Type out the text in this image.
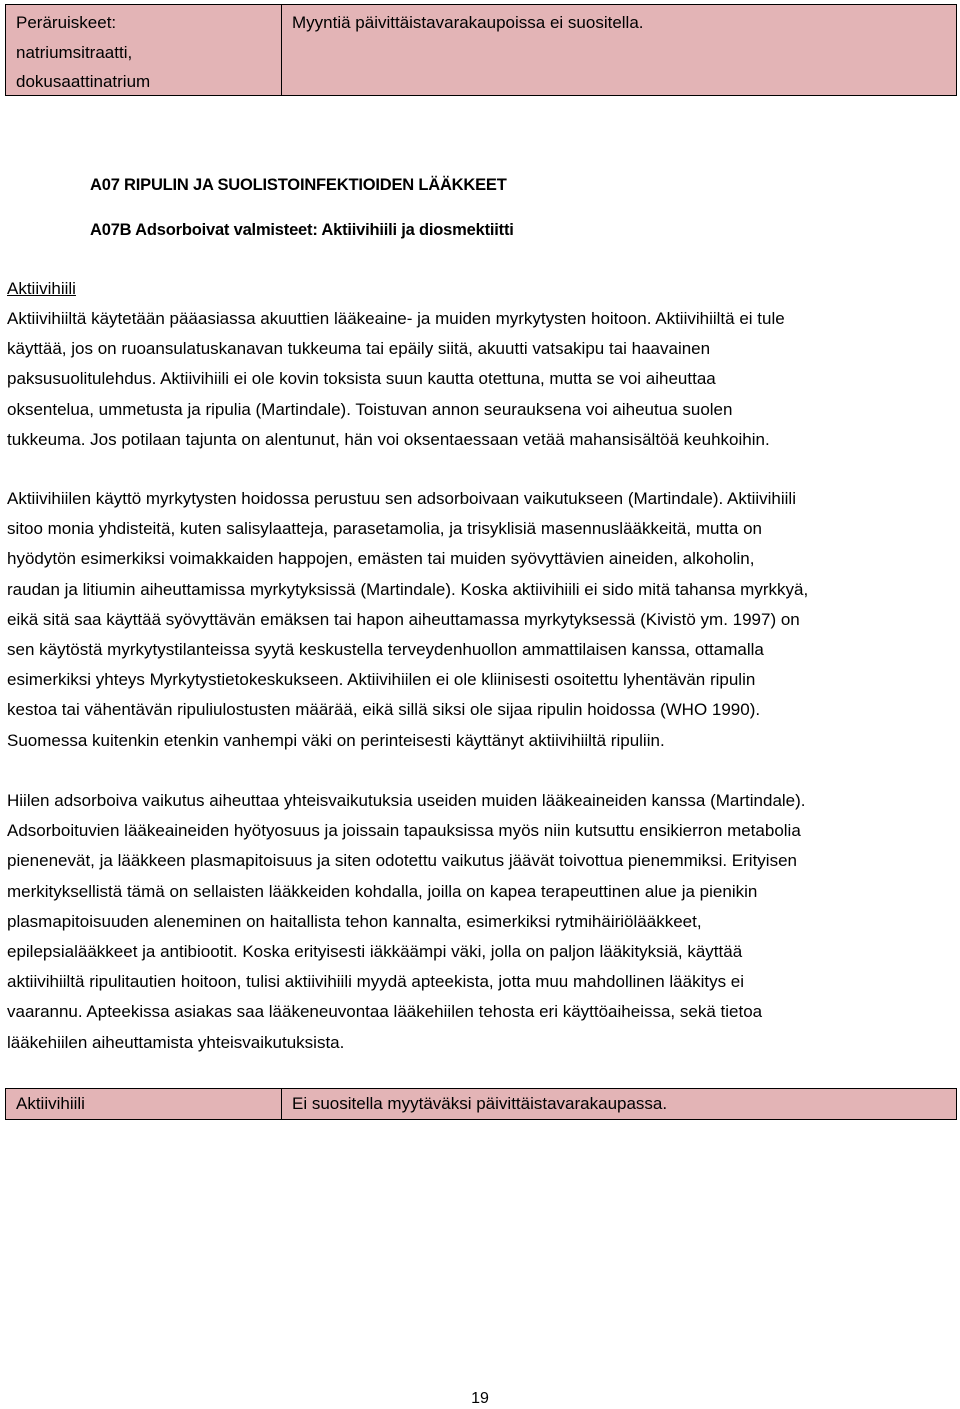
Peräruiskeet:
natriumsitraatti,
dokusaattinatrium
Myyntiä päivittäistavarakaupoissa ei suositella.
A07 RIPULIN JA SUOLISTOINFEKTIOIDEN LÄÄKKEET
A07B Adsorboivat valmisteet: Aktiivihiili ja diosmektiitti
Aktiivihiili
Aktiivihiiltä käytetään pääasiassa akuuttien lääkeaine- ja muiden myrkytysten hoitoon. Aktiivihiiltä ei tule
käyttää, jos on ruoansulatuskanavan tukkeuma tai epäily siitä, akuutti vatsakipu tai haavainen
paksusuolitulehdus. Aktiivihiili ei ole kovin toksista suun kautta otettuna, mutta se voi aiheuttaa
oksentelua, ummetusta ja ripulia (Martindale). Toistuvan annon seurauksena voi aiheutua suolen
tukkeuma. Jos potilaan tajunta on alentunut, hän voi oksentaessaan vetää mahansisältöä keuhkoihin.
Aktiivihiilen käyttö myrkytysten hoidossa perustuu sen adsorboivaan vaikutukseen (Martindale). Aktiivihiili
sitoo monia yhdisteitä, kuten salisylaatteja, parasetamolia, ja trisyklisiä masennuslääkkeitä, mutta on
hyödytön esimerkiksi voimakkaiden happojen, emästen tai muiden syövyttävien aineiden, alkoholin,
raudan ja litiumin aiheuttamissa myrkytyksissä (Martindale). Koska aktiivihiili ei sido mitä tahansa myrkkyä,
eikä sitä saa käyttää syövyttävän emäksen tai hapon aiheuttamassa myrkytyksessä (Kivistö ym. 1997) on
sen käytöstä myrkytystilanteissa syytä keskustella terveydenhuollon ammattilaisen kanssa, ottamalla
esimerkiksi yhteys Myrkytystietokeskukseen. Aktiivihiilen ei ole kliinisesti osoitettu lyhentävän ripulin
kestoa tai vähentävän ripuliulostusten määrää, eikä sillä siksi ole sijaa ripulin hoidossa (WHO 1990).
Suomessa kuitenkin etenkin vanhempi väki on perinteisesti käyttänyt aktiivihiiltä ripuliin.
Hiilen adsorboiva vaikutus aiheuttaa yhteisvaikutuksia useiden muiden lääkeaineiden kanssa (Martindale).
Adsorboituvien lääkeaineiden hyötyosuus ja joissain tapauksissa myös niin kutsuttu ensikierron metabolia
pienenevät, ja lääkkeen plasmapitoisuus ja siten odotettu vaikutus jäävät toivottua pienemmiksi. Erityisen
merkityksellistä tämä on sellaisten lääkkeiden kohdalla, joilla on kapea terapeuttinen alue ja pienikin
plasmapitoisuuden aleneminen on haitallista tehon kannalta, esimerkiksi rytmihäiriölääkkeet,
epilepsialääkkeet ja antibiootit. Koska erityisesti iäkkäämpi väki, jolla on paljon lääkityksiä, käyttää
aktiivihiiltä ripulitautien hoitoon, tulisi aktiivihiili myydä apteekista, jotta muu mahdollinen lääkitys ei
vaarannu. Apteekissa asiakas saa lääkeneuvontaa lääkehiilen tehosta eri käyttöaiheissa, sekä tietoa
lääkehiilen aiheuttamista yhteisvaikutuksista.
Aktiivihiili	Ei suositella myytäväksi päivittäistavarakaupassa.
19
